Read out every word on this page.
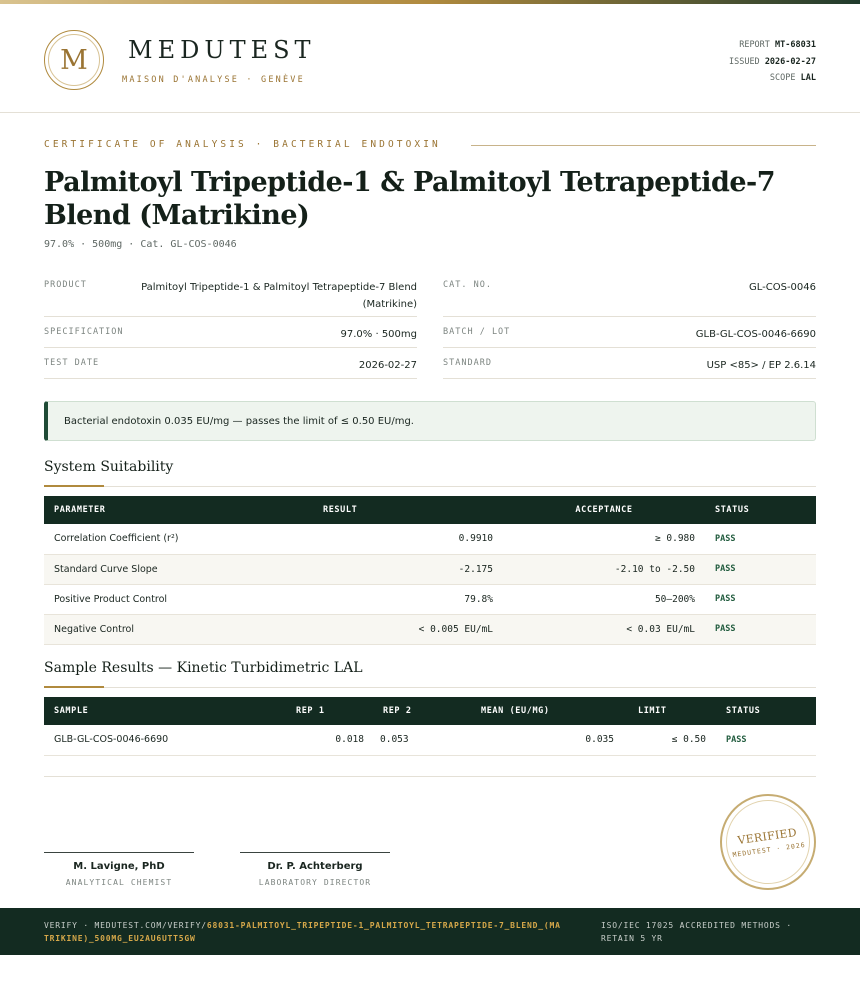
M MEDUTEST
MAISON D'ANALYSE · GENÈVE
REPORT MT-68031
ISSUED 2026-02-27
SCOPE LAL
CERTIFICATE OF ANALYSIS · BACTERIAL ENDOTOXIN
Palmitoyl Tripeptide-1 & Palmitoyl Tetrapeptide-7 Blend (Matrikine)
97.0% · 500mg · Cat. GL-COS-0046
PRODUCT	Palmitoyl Tripeptide-1 & Palmitoyl Tetrapeptide-7 Blend (Matrikine)
SPECIFICATION	97.0% · 500mg
TEST DATE	2026-02-27
CAT. NO.	GL-COS-0046
BATCH / LOT	GLB-GL-COS-0046-6690
STANDARD	USP <85> / EP 2.6.14
Bacterial endotoxin 0.035 EU/mg — passes the limit of ≤ 0.50 EU/mg.
System Suitability
PARAMETER	RESULT	ACCEPTANCE	STATUS
Correlation Coefficient (r²)	0.9910	≥ 0.980	PASS
Standard Curve Slope	-2.175	-2.10 to -2.50	PASS
Positive Product Control	79.8%	50–200%	PASS
Negative Control	< 0.005 EU/mL	< 0.03 EU/mL	PASS
Sample Results — Kinetic Turbidimetric LAL
SAMPLE	REP 1	REP 2	MEAN (EU/MG)	LIMIT	STATUS
GLB-GL-COS-0046-6690	0.018	0.053	0.035	≤ 0.50	PASS
M. Lavigne, PhD
ANALYTICAL CHEMIST
Dr. P. Achterberg
LABORATORY DIRECTOR
VERIFIED
MEDUTEST · 2026
VERIFY · MEDUTEST.COM/VERIFY/68031-PALMITOYL_TRIPEPTIDE-1_PALMITOYL_TETRAPEPTIDE-7_BLEND_(MATRIKINE)_500MG_EU2AU6UTT5GW
ISO/IEC 17025 ACCREDITED METHODS · RETAIN 5 YR
